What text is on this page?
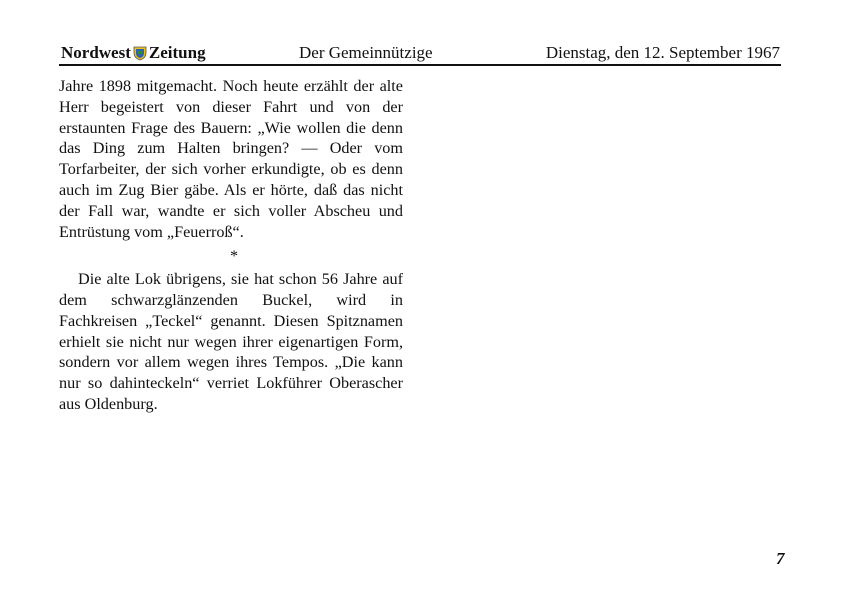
Nordwest Zeitung	Der Gemeinnützige	Dienstag, den 12. September 1967

Jahre 1898 mitgemacht. Noch heute erzählt der alte Herr begeistert von dieser Fahrt und von der erstaunten Frage des Bauern: „Wie wollen die denn das Ding zum Halten bringen? — Oder vom Torfarbeiter, der sich vorher erkundigte, ob es denn auch im Zug Bier gäbe. Als er hörte, daß das nicht der Fall war, wandte er sich voller Abscheu und Entrüstung vom „Feuerroß“.

*

Die alte Lok übrigens, sie hat schon 56 Jahre auf dem schwarzglänzenden Buckel, wird in Fachkreisen „Teckel“ genannt. Diesen Spitznamen erhielt sie nicht nur wegen ihrer eigenartigen Form, sondern vor allem wegen ihres Tempos. „Die kann nur so dahinteckeln“ verriet Lokführer Oberascher aus Oldenburg.

7
